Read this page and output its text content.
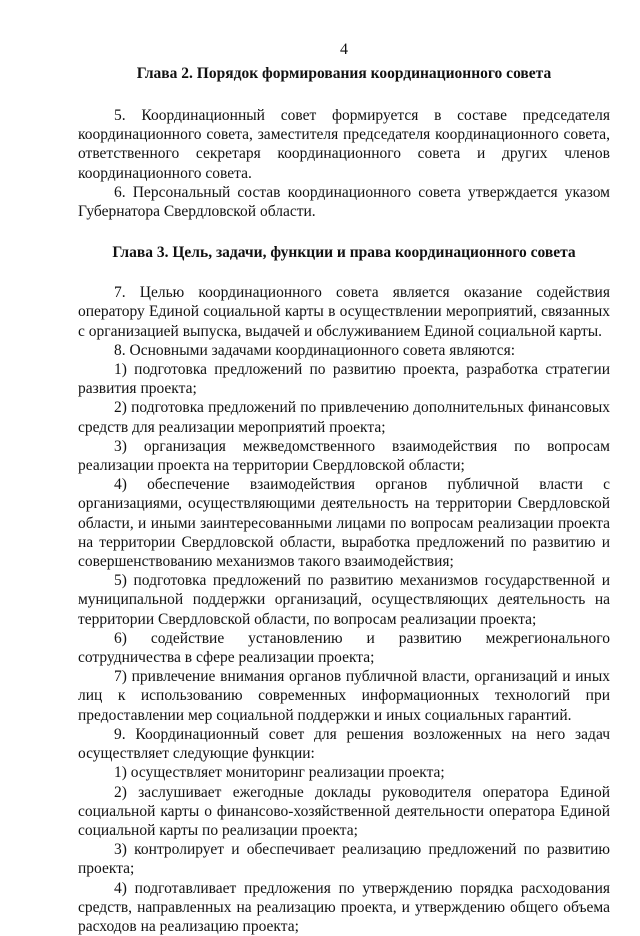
4
Глава 2. Порядок формирования координационного совета

5. Координационный совет формируется в составе председателя координационного совета, заместителя председателя координационного совета, ответственного секретаря координационного совета и других членов координационного совета.

6. Персональный состав координационного совета утверждается указом Губернатора Свердловской области.

Глава 3. Цель, задачи, функции и права координационного совета

7. Целью координационного совета является оказание содействия оператору Единой социальной карты в осуществлении мероприятий, связанных с организацией выпуска, выдачей и обслуживанием Единой социальной карты.

8. Основными задачами координационного совета являются:

1) подготовка предложений по развитию проекта, разработка стратегии развития проекта;

2) подготовка предложений по привлечению дополнительных финансовых средств для реализации мероприятий проекта;

3) организация межведомственного взаимодействия по вопросам реализации проекта на территории Свердловской области;

4) обеспечение взаимодействия органов публичной власти с организациями, осуществляющими деятельность на территории Свердловской области, и иными заинтересованными лицами по вопросам реализации проекта на территории Свердловской области, выработка предложений по развитию и совершенствованию механизмов такого взаимодействия;

5) подготовка предложений по развитию механизмов государственной и муниципальной поддержки организаций, осуществляющих деятельность на территории Свердловской области, по вопросам реализации проекта;

6) содействие установлению и развитию межрегионального сотрудничества в сфере реализации проекта;

7) привлечение внимания органов публичной власти, организаций и иных лиц к использованию современных информационных технологий при предоставлении мер социальной поддержки и иных социальных гарантий.

9. Координационный совет для решения возложенных на него задач осуществляет следующие функции:

1) осуществляет мониторинг реализации проекта;

2) заслушивает ежегодные доклады руководителя оператора Единой социальной карты о финансово-хозяйственной деятельности оператора Единой социальной карты по реализации проекта;

3) контролирует и обеспечивает реализацию предложений по развитию проекта;

4) подготавливает предложения по утверждению порядка расходования средств, направленных на реализацию проекта, и утверждению общего объема расходов на реализацию проекта;
